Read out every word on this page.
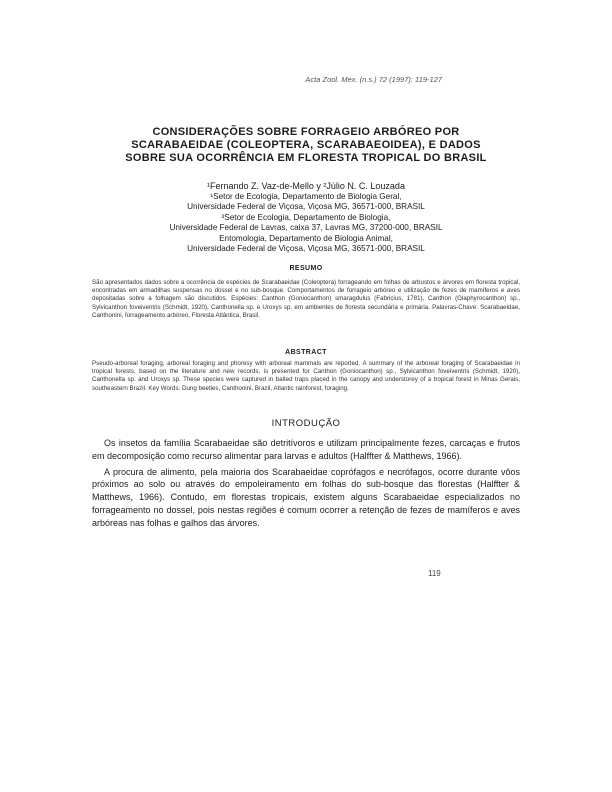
Acta Zool. Mex. (n.s.) 72 (1997): 119-127
CONSIDERAÇÕES SOBRE FORRAGEIO ARBÓREO POR
SCARABAEIDAE (COLEOPTERA, SCARABAEOIDEA), E DADOS
SOBRE SUA OCORRÊNCIA EM FLORESTA TROPICAL DO BRASIL
¹Fernando Z. Vaz-de-Mello y ²Júlio N. C. Louzada
¹Setor de Ecologia, Departamento de Biologia Geral,
Universidade Federal de Viçosa, Viçosa MG, 36571-000, BRASIL
²Setor de Ecologia, Departamento de Biologia,
Universidade Federal de Lavras, caixa 37, Lavras MG, 37200-000, BRASIL
Entomologia, Departamento de Biologia Animal,
Universidade Federal de Viçosa, Viçosa MG, 36571-000, BRASIL
RESUMO
São apresentados dados sobre a ocorrência de espécies de Scarabaeidae (Coleoptera) forrageando em folhas de arbustos e árvores em floresta tropical, encontradas em armadilhas suspensas no dossel e no sub-bosque. Comportamentos de forrageio arbóreo e utilização de fezes de mamíferos e aves depositadas sobre a folhagem são discutidos. Espécies: Canthon (Goniocanthon) smaragdulus (Fabricius, 1781), Canthon (Glaphyrocanthon) sp., Sylvicanthon foveiventris (Schmidt, 1920), Canthonella sp. e Uroxys sp. em ambientes de floresta secundária e primária. Palavras-Chave: Scarabaeidae, Canthonini, forrageamento arbóreo, Floresta Atlântica, Brasil.
ABSTRACT
Pseudo-arboreal foraging, arboreal foraging and phoresy with arboreal mammals are reported. A summary of the arboreal foraging of Scarabaeidae in tropical forests, based on the literature and new records, is presented for Canthon (Goniocanthon) sp., Sylvicanthon foveiventris (Schmidt, 1920), Canthonella sp. and Uroxys sp. These species were captured in baited traps placed in the canopy and understorey of a tropical forest in Minas Gerais, southeastern Brazil. Key Words: Dung beetles, Canthonini, Brazil, Atlantic rainforest, foraging.
INTRODUÇÃO

Os insetos da família Scarabaeidae são detritívoros e utilizam principalmente fezes, carcaças e frutos em decomposição como recurso alimentar para larvas e adultos (Halffter & Matthews, 1966).

A procura de alimento, pela maioria dos Scarabaeidae coprófagos e necrófagos, ocorre durante vôos próximos ao solo ou através do empoleiramento em folhas do sub-bosque das florestas (Halffter & Matthews, 1966). Contudo, em florestas tropicais, existem alguns Scarabaeidae especializados no forrageamento no dossel, pois nestas regiões é comum ocorrer a retenção de fezes de mamíferos e aves arbóreas nas folhas e galhos das árvores.

119
